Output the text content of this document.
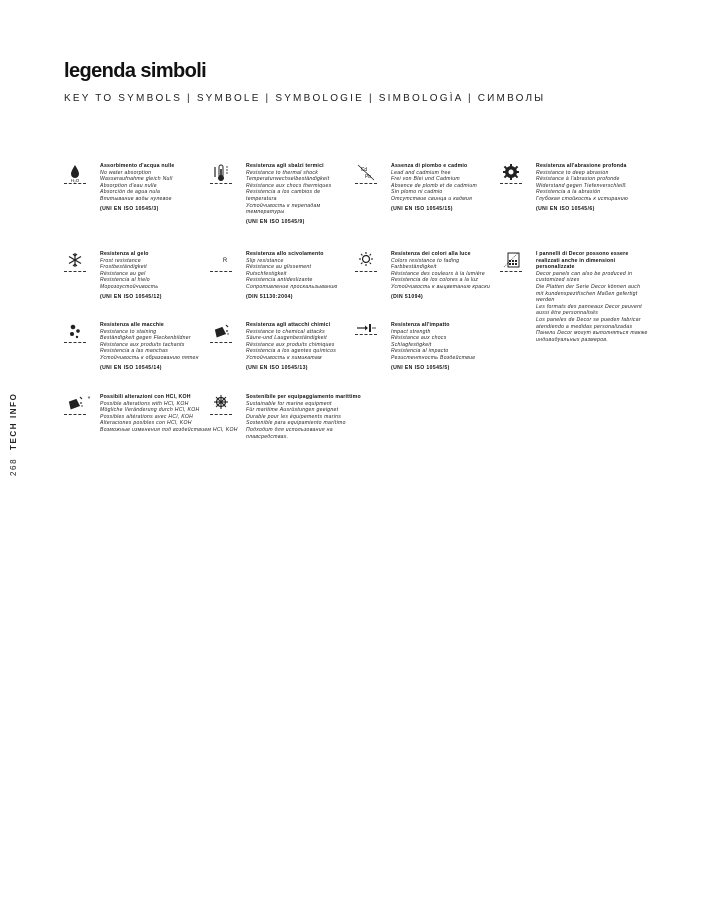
legenda simboli
KEY TO SYMBOLS | SYMBOLE | SYMBOLOGIE | SIMBOLOGÌA | СИМВОЛЫ
268 TECH INFO
H₂O
Assorbimento d'acqua nulle
No water absorption
Wasseraufnahme gleich Null
Absorption d'eau nulle
Absorción de agua nula
Впитывание воды нулевое
(UNI EN ISO 10545/3)
Resistenza agli sbalzi termici
Resistance to thermal shock
Temperaturwechselbeständigkeit
Résistance aux chocs thermiques
Resistencia a los cambios de
temperatura
Устойчивость к перепадам
температуры
(UNI EN ISO 10545/9)
Cd
Pb
Assenza di piombo e cadmio
Lead and cadmium free
Frei von Blei und Cadmium
Absence de plomb et de cadmium
Sin plomo ni cadmio
Отсутствие свинца и кадмия
(UNI EN ISO 10545/15)
Resistenza all'abrasione profonda
Resistance to deep abrasion
Résistance à l'abrasion profonde
Widerstand gegen Tiefenverschleiß
Resistencia a la abrasión
Глубокая стойкость к истиранию
(UNI EN ISO 10545/6)
Resistenza al gelo
Frost resistance
Frostbeständigkeit
Résistance au gel
Resistencia al hielo
Морозоустойчивость
(UNI EN ISO 10545/12)
R
Resistenza allo scivolamento
Slip resistance
Résistance au glissement
Rutschfestigkeit
Resistencia antideslizante
Сопротивление проскальзыванию
(DIN 51130:2004)
Resistenza dei colori alla luce
Colors resistance to fading
Farbbeständigkeit
Résistance des couleurs à la lumière
Resistencia de los colores a la luz
Устойчивость к выцветанию краски
(DIN 51094)
I pannelli di Decor possono essere realizzati anche in dimensioni personalizzate
Decor panels can also be produced in customized sizes
Die Platten der Serie Decor können auch mit kundenspezifischen Maßen gefertigt werden
Les formats des panneaux Decor peuvent aussi être personnalisés
Los paneles de Decor se pueden fabricar atendiendo a medidas personalizadas
Панели Decor могут выполняться также индивидуальных размеров.
Resistenza alle macchie
Resistance to staining
Beständigkeit gegen Fleckenbildner
Résistance aux produits tachants
Resistencia a las manchas
Устойчивость к образованию пятен
(UNI EN ISO 10545/14)
Resistenza agli attacchi chimici
Resistance to chemical attacks
Säure-und Laugenbeständigkeit
Résistance aux produits chimiques
Resistencia a los agentes químicos
Устойчивость к химикатам
(UNI EN ISO 10545/13)
Resistenza all'impatto
Impact strength
Résistance aux chocs
Schlagfestigkeit
Resistencia al impacto
Резистентность Воздействие
(UNI EN ISO 10545/5)
* Possibili alterazioni con HCl, KOH
Possible alterations with HCl, KOH
Mögliche Veränderung durch HCl, KOH
Possibles altérations avec HCl, KOH
Alteraciones posibles con HCl, KOH
Возможные изменения под воздействием HCl, KOH
Sostenibile per equipaggiamento marittimo
Sustainable for marine equipment
Für maritime Ausrüstungen geeignet
Durable pour les équipements marins
Sostenible para equipamiento marítimo
Подходит для использования на
плавсредствах.
